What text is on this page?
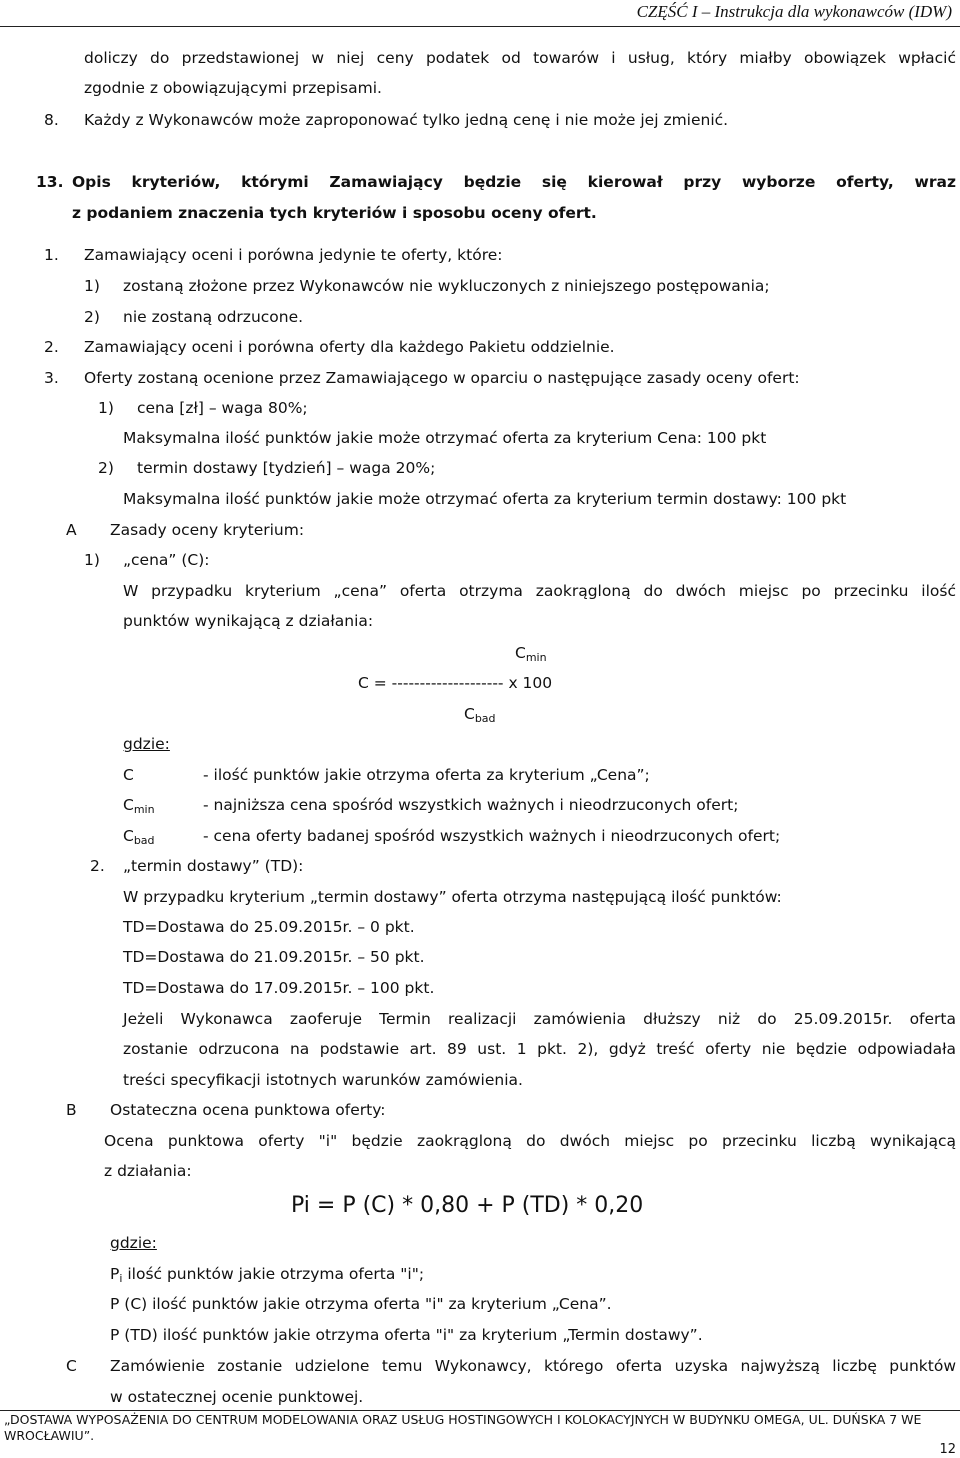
CZĘŚĆ I – Instrukcja dla wykonawców (IDW)
doliczy do przedstawionej w niej ceny podatek od towarów i usług, który miałby obowiązek wpłacić
zgodnie z obowiązującymi przepisami.
8. Każdy z Wykonawców może zaproponować tylko jedną cenę i nie może jej zmienić.
13. Opis kryteriów, którymi Zamawiający będzie się kierował przy wyborze oferty, wraz
z podaniem znaczenia tych kryteriów i sposobu oceny ofert.
1. Zamawiający oceni i porówna jedynie te oferty, które:
1) zostaną złożone przez Wykonawców nie wykluczonych z niniejszego postępowania;
2) nie zostaną odrzucone.
2. Zamawiający oceni i porówna oferty dla każdego Pakietu oddzielnie.
3. Oferty zostaną ocenione przez Zamawiającego w oparciu o następujące zasady oceny ofert:
1) cena [zł] – waga 80%;
Maksymalna ilość punktów jakie może otrzymać oferta za kryterium Cena: 100 pkt
2) termin dostawy [tydzień] – waga 20%;
Maksymalna ilość punktów jakie może otrzymać oferta za kryterium termin dostawy: 100 pkt
A Zasady oceny kryterium:
1) „cena” (C):
W przypadku kryterium „cena” oferta otrzyma zaokrągloną do dwóch miejsc po przecinku ilość
punktów wynikającą z działania:
Cmin
C = -------------------- x 100
Cbad
gdzie:
C	- ilość punktów jakie otrzyma oferta za kryterium „Cena”;
Cmin	- najniższa cena spośród wszystkich ważnych i nieodrzuconych ofert;
Cbad	- cena oferty badanej spośród wszystkich ważnych i nieodrzuconych ofert;
2. „termin dostawy” (TD):
W przypadku kryterium „termin dostawy” oferta otrzyma następującą ilość punktów:
TD=Dostawa do 25.09.2015r. – 0 pkt.
TD=Dostawa do 21.09.2015r. – 50 pkt.
TD=Dostawa do 17.09.2015r. – 100 pkt.
Jeżeli Wykonawca zaoferuje Termin realizacji zamówienia dłuższy niż do 25.09.2015r. oferta
zostanie odrzucona na podstawie art. 89 ust. 1 pkt. 2), gdyż treść oferty nie będzie odpowiadała
treści specyfikacji istotnych warunków zamówienia.
B Ostateczna ocena punktowa oferty:
Ocena punktowa oferty "i" będzie zaokrągloną do dwóch miejsc po przecinku liczbą wynikającą
z działania:
Pi = P (C) * 0,80 + P (TD) * 0,20
gdzie:
Pi ilość punktów jakie otrzyma oferta "i";
P (C) ilość punktów jakie otrzyma oferta "i" za kryterium „Cena”.
P (TD) ilość punktów jakie otrzyma oferta "i" za kryterium „Termin dostawy”.
C Zamówienie zostanie udzielone temu Wykonawcy, którego oferta uzyska najwyższą liczbę punktów
w ostatecznej ocenie punktowej.
„DOSTAWA WYPOSAŻENIA DO CENTRUM MODELOWANIA ORAZ USŁUG HOSTINGOWYCH I KOLOKACYJNYCH W BUDYNKU OMEGA, UL. DUŃSKA 7 WE WROCŁAWIU”.
12
